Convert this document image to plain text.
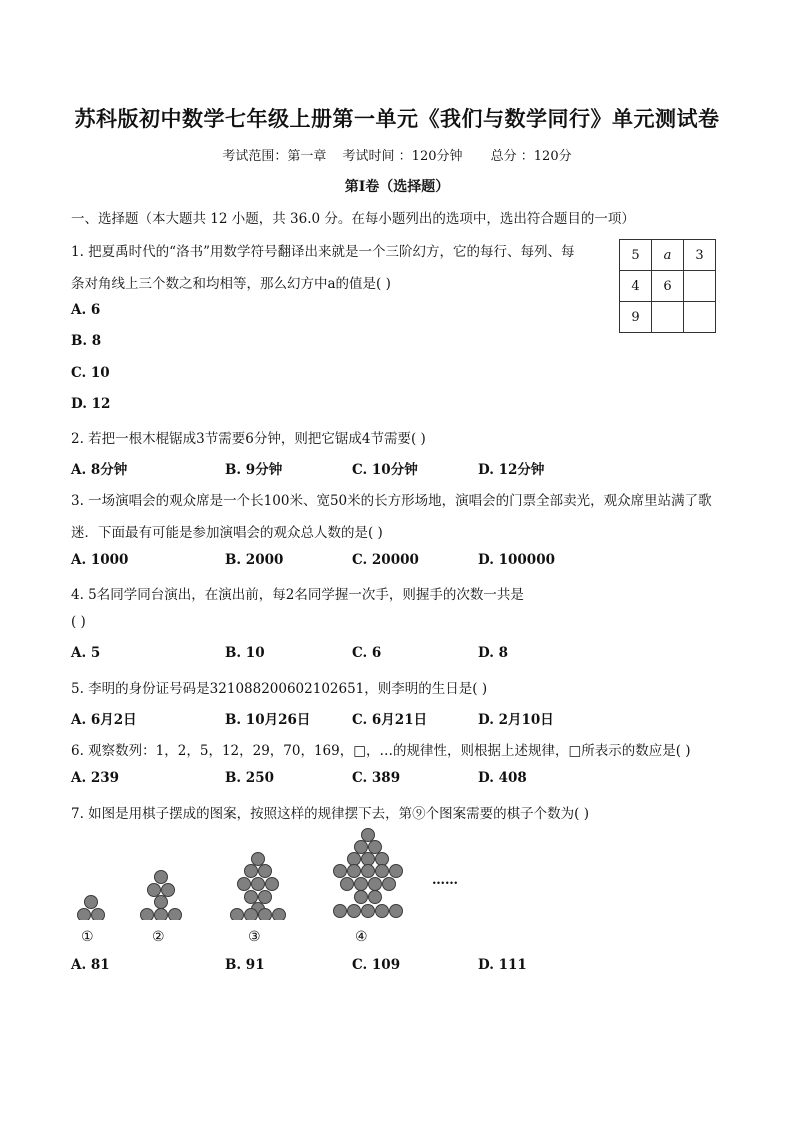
苏科版初中数学七年级上册第一单元《我们与数学同行》单元测试卷
考试范围：第一章 考试时间 ：120分钟 总分 ：120分
第Ⅰ卷（选择题）
一、选择题（本大题共 12 小题，共 36.0 分。在每小题列出的选项中，选出符合题目的一项）
1. 把夏禹时代的“洛书”用数学符号翻译出来就是一个三阶幻方，它的每行、每列、每
条对角线上三个数之和均相等，那么幻方中a的值是( )
A. 6
B. 8
C. 10
D. 12
5	a	3
4	6	
9		
2. 若把一根木棍锯成3节需要6分钟，则把它锯成4节需要( )
A. 8分钟	B. 9分钟	C. 10分钟	D. 12分钟
3. 一场演唱会的观众席是一个长100米、宽50米的长方形场地，演唱会的门票全部卖光，观众席里站满了歌
迷．下面最有可能是参加演唱会的观众总人数的是( )
A. 1000	B. 2000	C. 20000	D. 100000
4. 5名同学同台演出，在演出前，每2名同学握一次手，则握手的次数一共是
( )
A. 5	B. 10	C. 6	D. 8
5. 李明的身份证号码是321088200602102651，则李明的生日是( )
A. 6月2日	B. 10月26日	C. 6月21日	D. 2月10日
6. 观察数列：1，2，5，12，29，70，169，□，…的规律性，则根据上述规律，□所表示的数应是( )
A. 239	B. 250	C. 389	D. 408
7. 如图是用棋子摆成的图案，按照这样的规律摆下去，第⑨个图案需要的棋子个数为( )
……
①	②	③	④
A. 81	B. 91	C. 109	D. 111
